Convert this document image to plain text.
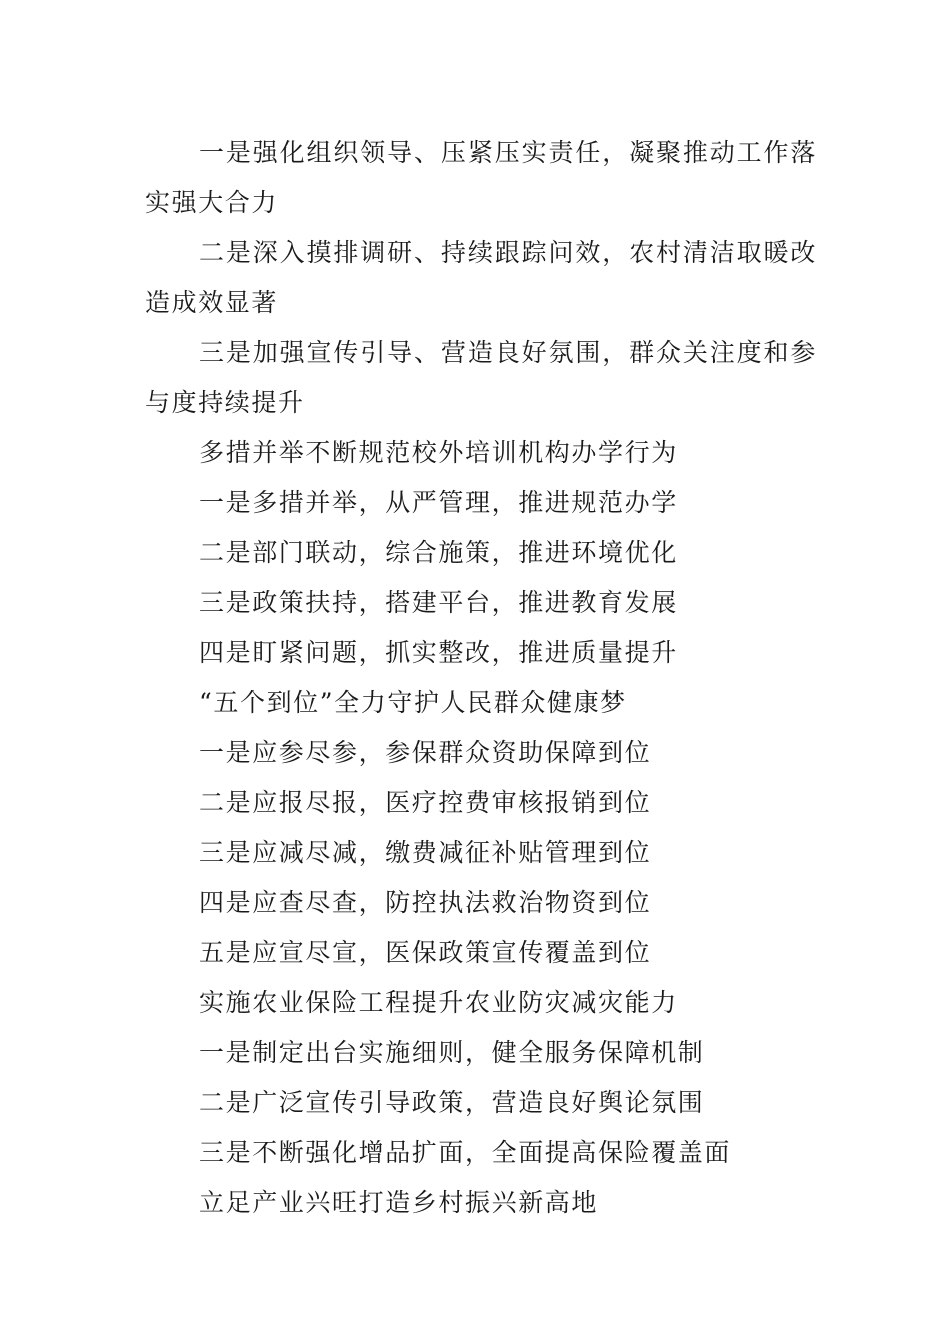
一是强化组织领导、压紧压实责任，凝聚推动工作落实强大合力

二是深入摸排调研、持续跟踪问效，农村清洁取暖改造成效显著

三是加强宣传引导、营造良好氛围，群众关注度和参与度持续提升

多措并举不断规范校外培训机构办学行为

一是多措并举，从严管理，推进规范办学

二是部门联动，综合施策，推进环境优化

三是政策扶持，搭建平台，推进教育发展

四是盯紧问题，抓实整改，推进质量提升

“五个到位”全力守护人民群众健康梦

一是应参尽参，参保群众资助保障到位

二是应报尽报，医疗控费审核报销到位

三是应减尽减，缴费减征补贴管理到位

四是应查尽查，防控执法救治物资到位

五是应宣尽宣，医保政策宣传覆盖到位

实施农业保险工程提升农业防灾减灾能力

一是制定出台实施细则，健全服务保障机制

二是广泛宣传引导政策，营造良好舆论氛围

三是不断强化增品扩面，全面提高保险覆盖面

立足产业兴旺打造乡村振兴新高地
